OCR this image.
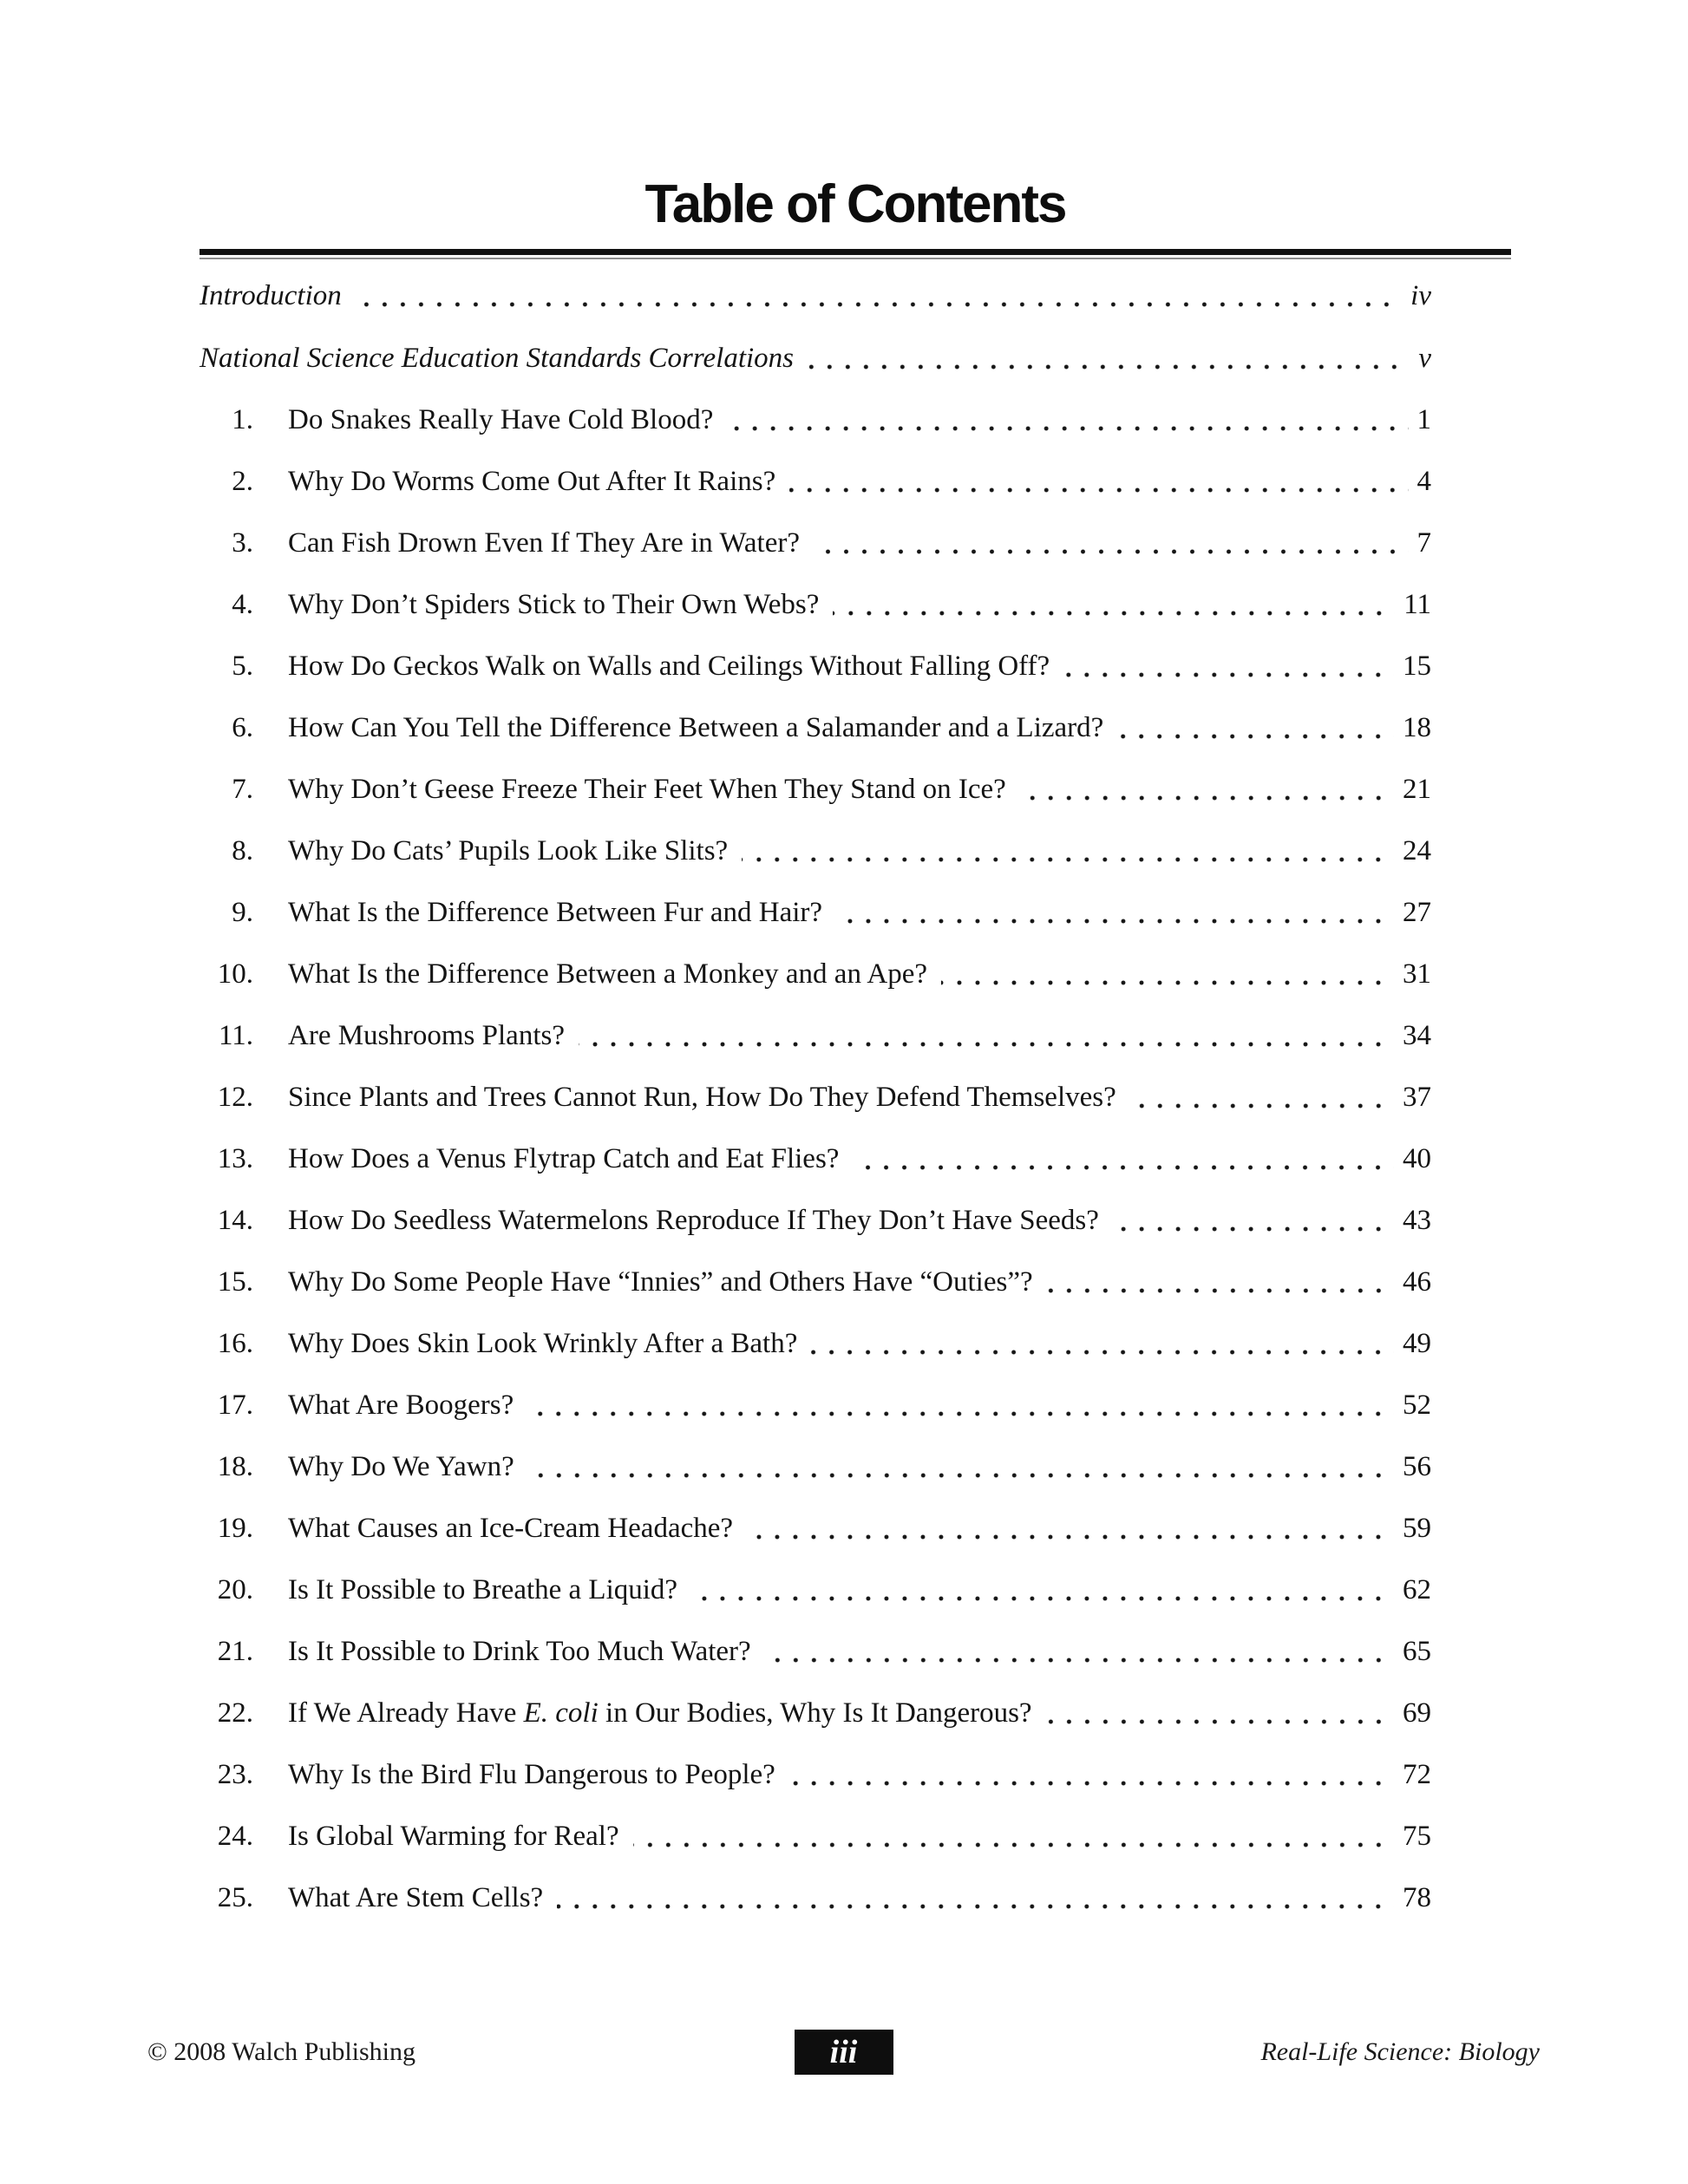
Table of Contents
Introduction	iv
National Science Education Standards Correlations	v
1. Do Snakes Really Have Cold Blood?	1
2. Why Do Worms Come Out After It Rains?	4
3. Can Fish Drown Even If They Are in Water?	7
4. Why Don’t Spiders Stick to Their Own Webs?	11
5. How Do Geckos Walk on Walls and Ceilings Without Falling Off?	15
6. How Can You Tell the Difference Between a Salamander and a Lizard?	18
7. Why Don’t Geese Freeze Their Feet When They Stand on Ice?	21
8. Why Do Cats’ Pupils Look Like Slits?	24
9. What Is the Difference Between Fur and Hair?	27
10. What Is the Difference Between a Monkey and an Ape?	31
11. Are Mushrooms Plants?	34
12. Since Plants and Trees Cannot Run, How Do They Defend Themselves?	37
13. How Does a Venus Flytrap Catch and Eat Flies?	40
14. How Do Seedless Watermelons Reproduce If They Don’t Have Seeds?	43
15. Why Do Some People Have “Innies” and Others Have “Outies”?	46
16. Why Does Skin Look Wrinkly After a Bath?	49
17. What Are Boogers?	52
18. Why Do We Yawn?	56
19. What Causes an Ice-Cream Headache?	59
20. Is It Possible to Breathe a Liquid?	62
21. Is It Possible to Drink Too Much Water?	65
22. If We Already Have E. coli in Our Bodies, Why Is It Dangerous?	69
23. Why Is the Bird Flu Dangerous to People?	72
24. Is Global Warming for Real?	75
25. What Are Stem Cells?	78
© 2008 Walch Publishing	iii	Real-Life Science: Biology
